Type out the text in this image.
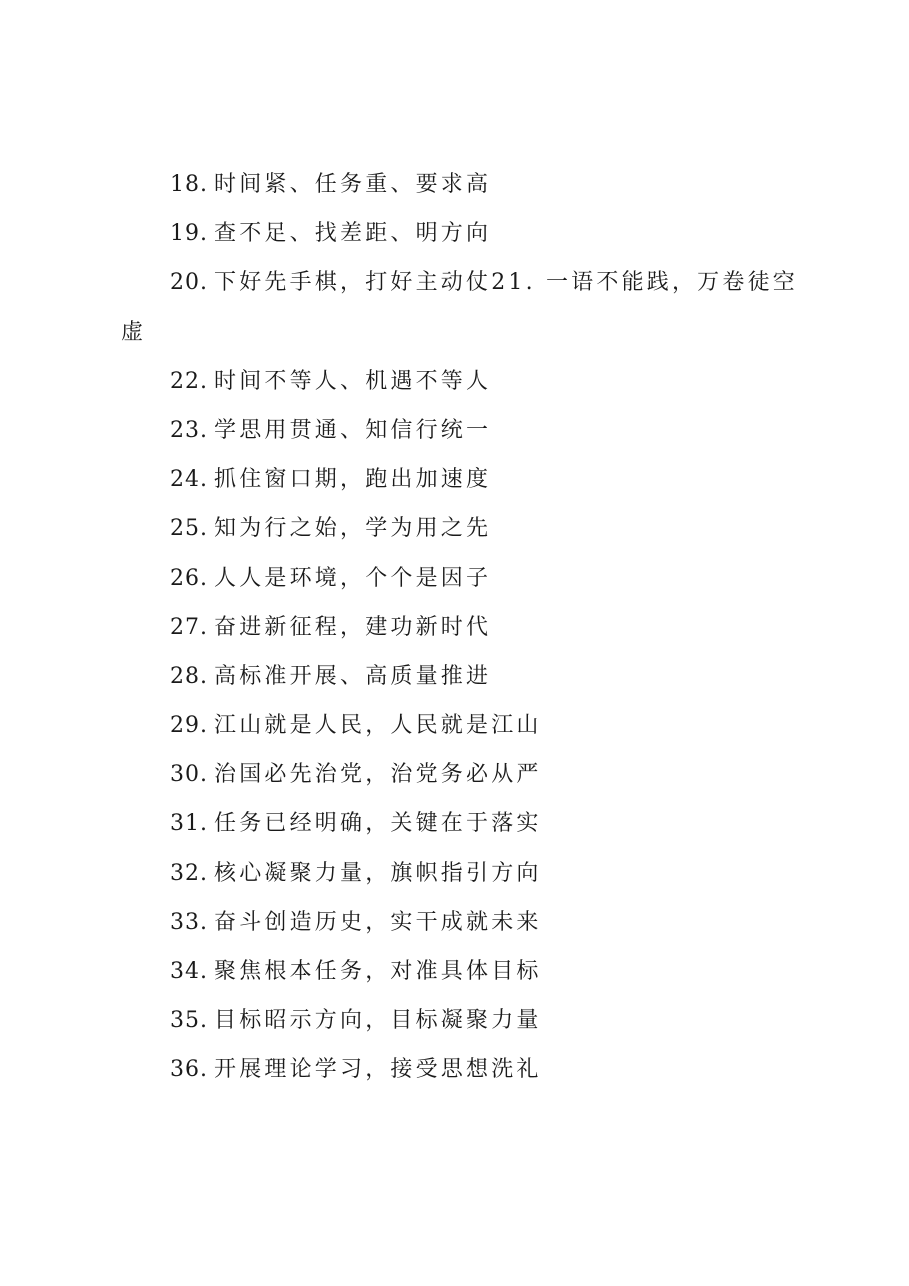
18. 时间紧、任务重、要求高
19. 查不足、找差距、明方向
20. 下好先手棋，打好主动仗21. 一语不能践，万卷徒空虚
22. 时间不等人、机遇不等人
23. 学思用贯通、知信行统一
24. 抓住窗口期，跑出加速度
25. 知为行之始，学为用之先
26. 人人是环境，个个是因子
27. 奋进新征程，建功新时代
28. 高标准开展、高质量推进
29. 江山就是人民，人民就是江山
30. 治国必先治党，治党务必从严
31. 任务已经明确，关键在于落实
32. 核心凝聚力量，旗帜指引方向
33. 奋斗创造历史，实干成就未来
34. 聚焦根本任务，对准具体目标
35. 目标昭示方向，目标凝聚力量
36. 开展理论学习，接受思想洗礼
